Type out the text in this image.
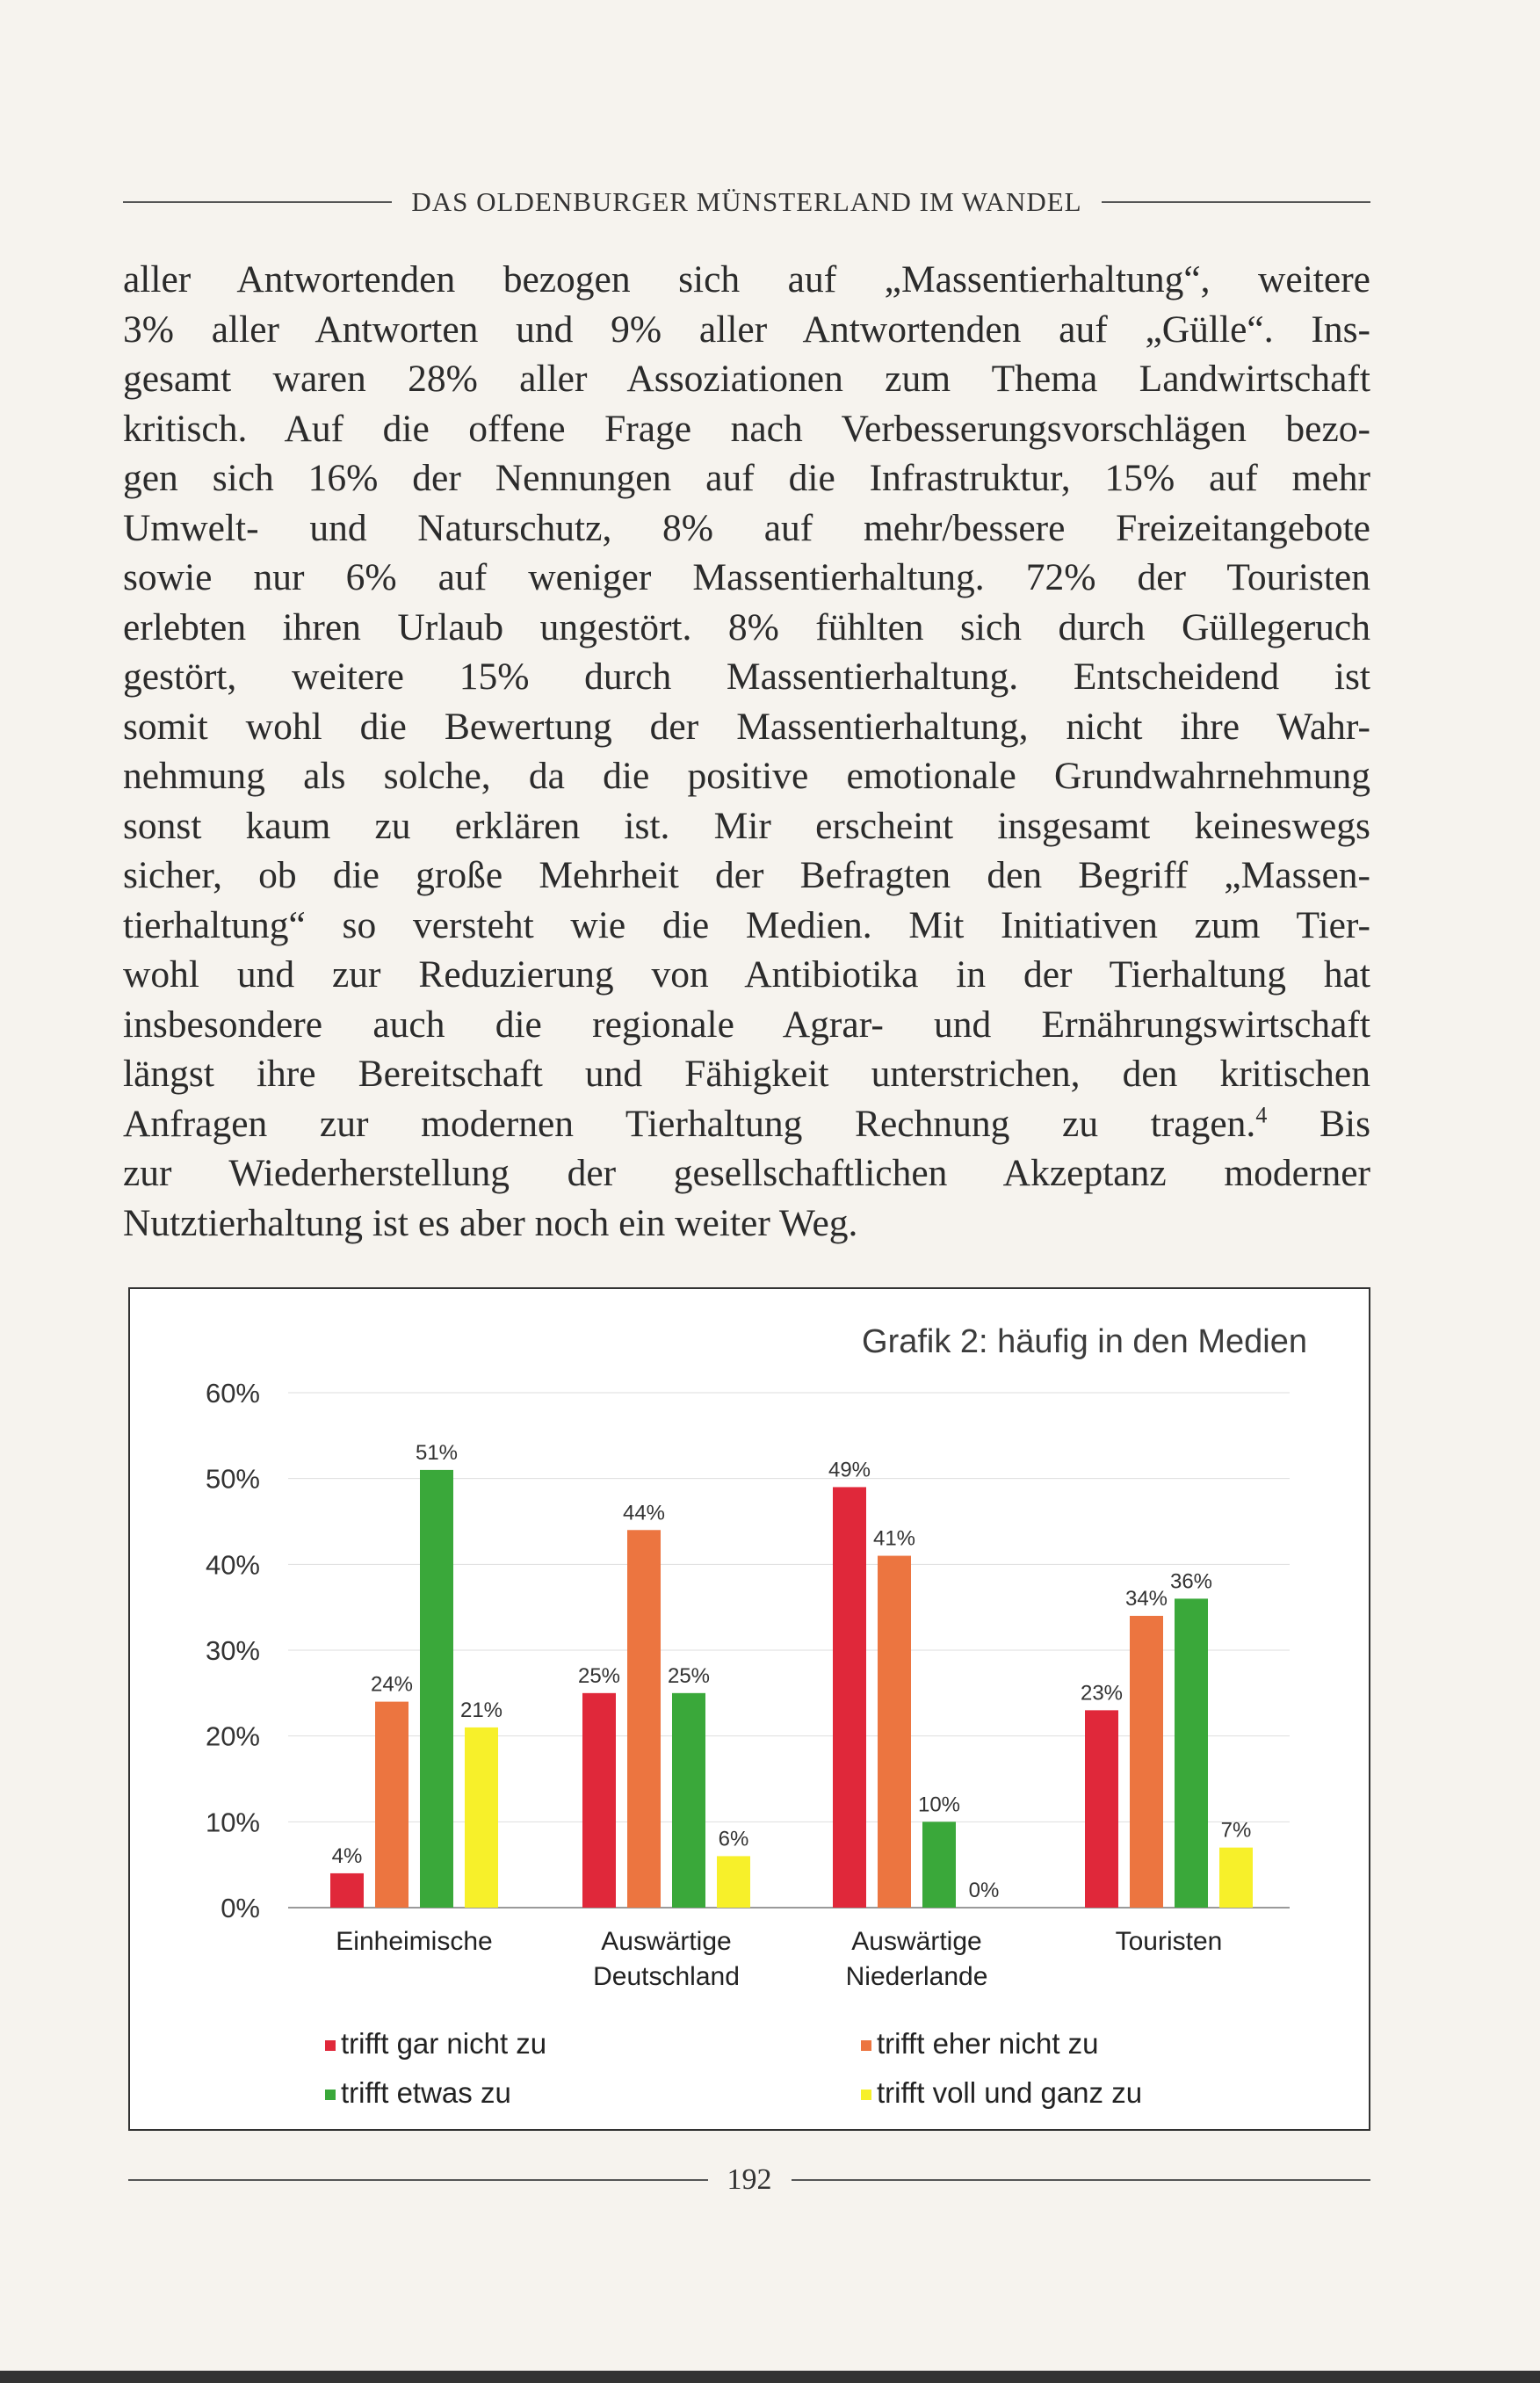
DAS OLDENBURGER MÜNSTERLAND IM WANDEL

aller Antwortenden bezogen sich auf „Massentierhaltung“, weitere
3% aller Antworten und 9% aller Antwortenden auf „Gülle“. Ins-
gesamt waren 28% aller Assoziationen zum Thema Landwirtschaft
kritisch. Auf die offene Frage nach Verbesserungsvorschlägen bezo-
gen sich 16% der Nennungen auf die Infrastruktur, 15% auf mehr
Umwelt- und Naturschutz, 8% auf mehr/bessere Freizeitangebote
sowie nur 6% auf weniger Massentierhaltung. 72% der Touristen
erlebten ihren Urlaub ungestört. 8% fühlten sich durch Güllegeruch
gestört, weitere 15% durch Massentierhaltung. Entscheidend ist
somit wohl die Bewertung der Massentierhaltung, nicht ihre Wahr-
nehmung als solche, da die positive emotionale Grundwahrnehmung
sonst kaum zu erklären ist. Mir erscheint insgesamt keineswegs
sicher, ob die große Mehrheit der Befragten den Begriff „Massen-
tierhaltung“ so versteht wie die Medien. Mit Initiativen zum Tier-
wohl und zur Reduzierung von Antibiotika in der Tierhaltung hat
insbesondere auch die regionale Agrar- und Ernährungswirtschaft
längst ihre Bereitschaft und Fähigkeit unterstrichen, den kritischen
Anfragen zur modernen Tierhaltung Rechnung zu tragen.$^4$ Bis
zur Wiederherstellung der gesellschaftlichen Akzeptanz moderner
Nutztierhaltung ist es aber noch ein weiter Weg.

Grafik 2: häufig in den Medien
0%
10%
20%
30%
40%
50%
60%
4%
25%
49%
23%
24%
44%
41%
34%
51%
25%
10%
36%
21%
6%
0%
7%
Einheimische	Auswärtige
Deutschland
Auswärtige
Niederlande
Touristen
trifft gar nicht zu	trifft eher nicht zu
trifft etwas zu	trifft voll und ganz zu
192
